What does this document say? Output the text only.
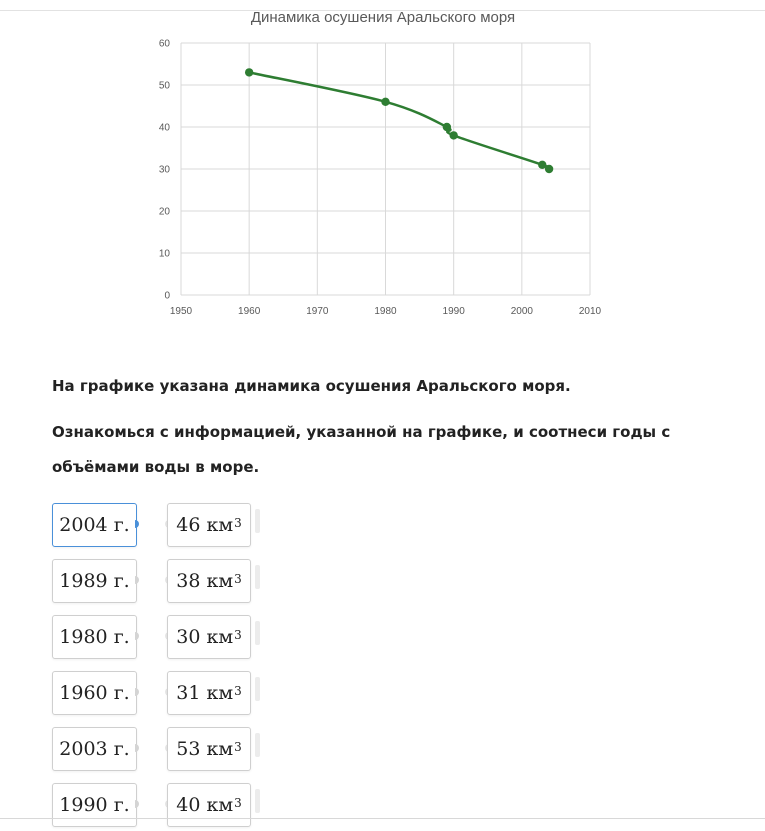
Динамика осушения Аральского моря
0
10
20
30
40
50
60
1950	1960	1970	1980	1990	2000	2010

На графике указана динамика осушения Аральского моря.

Ознакомься с информацией, указанной на графике, и соотнеси годы с

объёмами воды в море.

2004 г. 46 $км^3$
1989 г. 38 $км^3$
1980 г. 30 $км^3$
1960 г. 31 $км^3$
2003 г. 53 $км^3$
1990 г. 40 $км^3$
